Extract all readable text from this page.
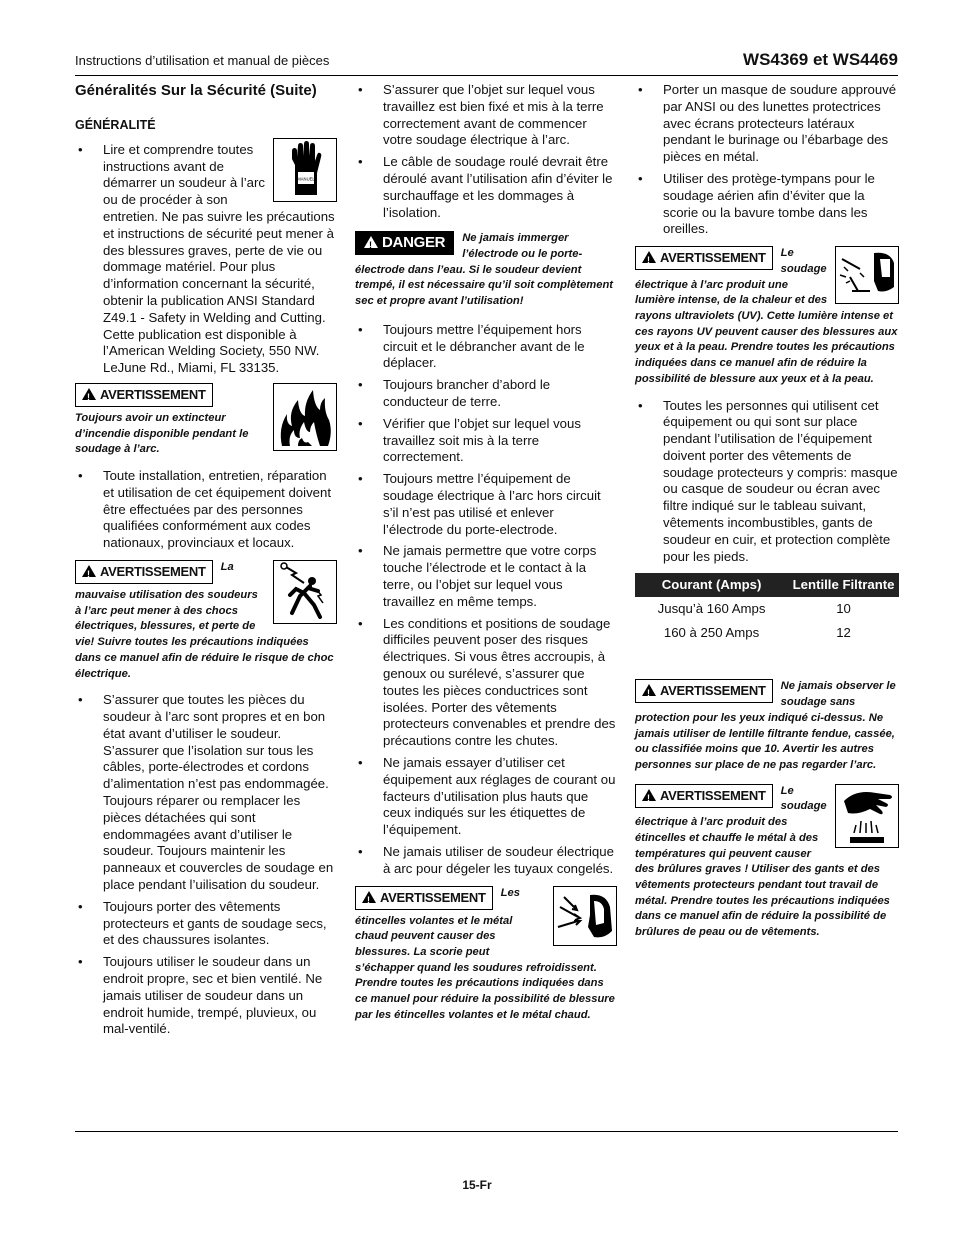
Instructions d’utilisation et manual de pièces	WS4369 et WS4469
Généralités Sur la Sécurité (Suite)
GÉNÉRALITÉ
• MANUEL
Lire et comprendre toutes instructions avant de démarrer un soudeur à l’arc ou de procéder à son entretien. Ne pas suivre les précautions et instructions de sécurité peut mener à des blessures graves, perte de vie ou dommage matériel. Pour plus d’information concernant la sécurité, obtenir la publication ANSI Standard Z49.1 - Safety in Welding and Cutting. Cette publication est disponible à l’American Welding Society, 550 NW. LeJune Rd., Miami, FL 33135.
!AVERTISSEMENT
Toujours avoir un extincteur d’incendie disponible pendant le soudage à l’arc.
• Toute installation, entretien, réparation et utilisation de cet équipement doivent être effectuées par des personnes qualifiées conformément aux codes nationaux, provinciaux et locaux.
!AVERTISSEMENT	La mauvaise utilisation des soudeurs à l’arc peut mener à des chocs électriques, blessures, et perte de vie! Suivre toutes les précautions indiquées dans ce manuel afin de réduire le risque de choc électrique.
• S’assurer que toutes les pièces du soudeur à l’arc sont propres et en bon état avant d’utiliser le soudeur. S’assurer que l’isolation sur tous les câbles, porte-électrodes et cordons d’alimentation n’est pas endommagée. Toujours réparer ou remplacer les pièces détachées qui sont endommagées avant d’utiliser le soudeur. Toujours maintenir les panneaux et couvercles de soudage en place pendant l’uilisation du soudeur.
• Toujours porter des vêtements protecteurs et gants de soudage secs, et des chaussures isolantes.
• Toujours utiliser le soudeur dans un endroit propre, sec et bien ventilé. Ne jamais utiliser de soudeur dans un endroit humide, trempé, pluvieux, ou mal-ventilé.
• S’assurer que l’objet sur lequel vous travaillez est bien fixé et mis à la terre correctement avant de commencer votre soudage électrique à l’arc.
• Le câble de soudage roulé devrait être déroulé avant l’utilisation afin d’éviter le surchauffage et les dommages à l’isolation.
!DANGER	Ne jamais immerger l’électrode ou le porte-électrode dans l’eau. Si le soudeur devient trempé, il est nécessaire qu’il soit complètement sec et propre avant l’utilisation!
• Toujours mettre l’équipement hors circuit et le débrancher avant de le déplacer.
• Toujours brancher d’abord le conducteur de terre.
• Vérifier que l’objet sur lequel vous travaillez soit mis à la terre correctement.
• Toujours mettre l’équipement de soudage électrique à l’arc hors circuit s’il n’est pas utilisé et enlever l’électrode du porte-electrode.
• Ne jamais permettre que votre corps touche l’électrode et le contact à la terre, ou l’objet sur lequel vous travaillez en même temps.
• Les conditions et positions de soudage difficiles peuvent poser des risques électriques. Si vous êtres accroupis, à genoux ou surélevé, s’assurer que toutes les pièces conductrices sont isolées. Porter des vêtements protecteurs convenables et prendre des précautions contre les chutes.
• Ne jamais essayer d’utiliser cet équipement aux réglages de courant ou facteurs d’utilisation plus hauts que ceux indiqués sur les étiquettes de l’équipement.
• Ne jamais utiliser de soudeur électrique à arc pour dégeler les tuyaux congelés.
!AVERTISSEMENT	Les étincelles volantes et le métal chaud peuvent causer des blessures. La scorie peut s’échapper quand les soudures refroidissent. Prendre toutes les précautions indiquées dans ce manuel pour réduire la possibilité de blessure par les étincelles volantes et le métal chaud.
• Porter un masque de soudure approuvé par ANSI ou des lunettes protectrices avec écrans protecteurs latéraux pendant le burinage ou l’ébarbage des pièces en métal.
• Utiliser des protège-tympans pour le soudage aérien afin d’éviter que la scorie ou la bavure tombe dans les oreilles.
!AVERTISSEMENT	Le soudage électrique à l’arc produit une lumière intense, de la chaleur et des rayons ultraviolets (UV). Cette lumière intense et ces rayons UV peuvent causer des blessures aux yeux et à la peau. Prendre toutes les précautions indiquées dans ce manuel afin de réduire la possibilité de blessure aux yeux et à la peau.
• Toutes les personnes qui utilisent cet équipement ou qui sont sur place pendant l’utilisation de l’équipement doivent porter des vêtements de soudage protecteurs y compris: masque ou casque de soudeur ou écran avec filtre indiqué sur le tableau suivant, vêtements incombustibles, gants de soudeur en cuir, et protection complète pour les pieds.
Courant (Amps)	Lentille Filtrante
Jusqu’à 160 Amps	10
160 à 250 Amps	12
!AVERTISSEMENT	Ne jamais observer le soudage sans protection pour les yeux indiqué ci-dessus. Ne jamais utiliser de lentille filtrante fendue, cassée, ou classifiée moins que 10. Avertir les autres personnes sur place de ne pas regarder l’arc.
!AVERTISSEMENT	Le soudage électrique à l’arc produit des étincelles et chauffe le métal à des températures qui peuvent causer des brûlures graves ! Utiliser des gants et des vêtements protecteurs pendant tout travail de métal. Prendre toutes les précautions indiquées dans ce manuel afin de réduire la possibilité de brûlures de peau ou de vêtements.
15-Fr
